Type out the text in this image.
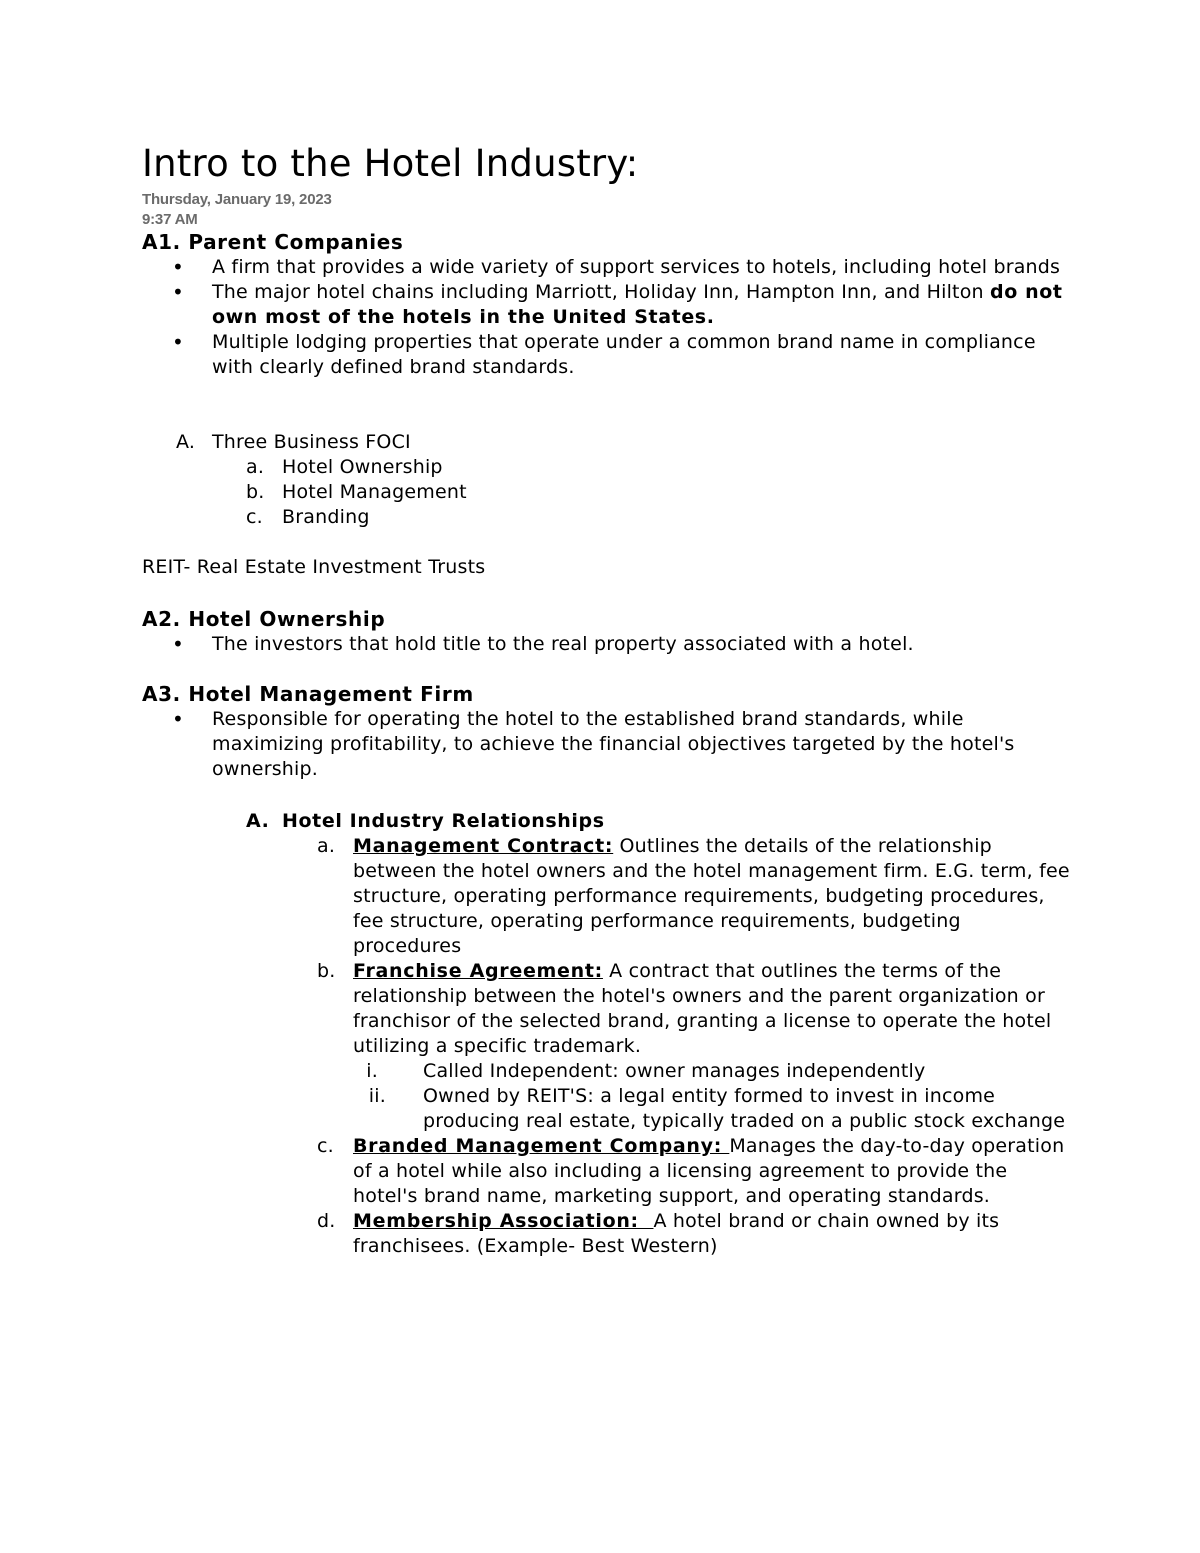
Intro to the Hotel Industry:
Thursday, January 19, 2023
9:37 AM
A1. Parent Companies
•	A firm that provides a wide variety of support services to hotels, including hotel brands
•	The major hotel chains including Marriott, Holiday Inn, Hampton Inn, and Hilton do not own most of the hotels in the United States.
•	Multiple lodging properties that operate under a common brand name in compliance with clearly defined brand standards.
A. Three Business FOCI
a. Hotel Ownership
b. Hotel Management
c.	Branding
REIT- Real Estate Investment Trusts
A2. Hotel Ownership
•	The investors that hold title to the real property associated with a hotel.
A3. Hotel Management Firm
•	Responsible for operating the hotel to the established brand standards, while maximizing profitability, to achieve the financial objectives targeted by the hotel's ownership.
A. Hotel Industry Relationships
a. Management Contract: Outlines the details of the relationship between the hotel owners and the hotel management firm. E.G. term, fee structure, operating performance requirements, budgeting procedures, fee structure, operating performance requirements, budgeting procedures
b. Franchise Agreement: A contract that outlines the terms of the relationship between the hotel's owners and the parent organization or franchisor of the selected brand, granting a license to operate the hotel utilizing a specific trademark.
i. Called Independent: owner manages independently
ii. Owned by REIT'S: a legal entity formed to invest in income producing real estate, typically traded on a public stock exchange
c.	Branded Management Company: Manages the day-to-day operation of a hotel while also including a licensing agreement to provide the hotel's brand name, marketing support, and operating standards.
d. Membership Association:  A hotel brand or chain owned by its franchisees. (Example- Best Western)
